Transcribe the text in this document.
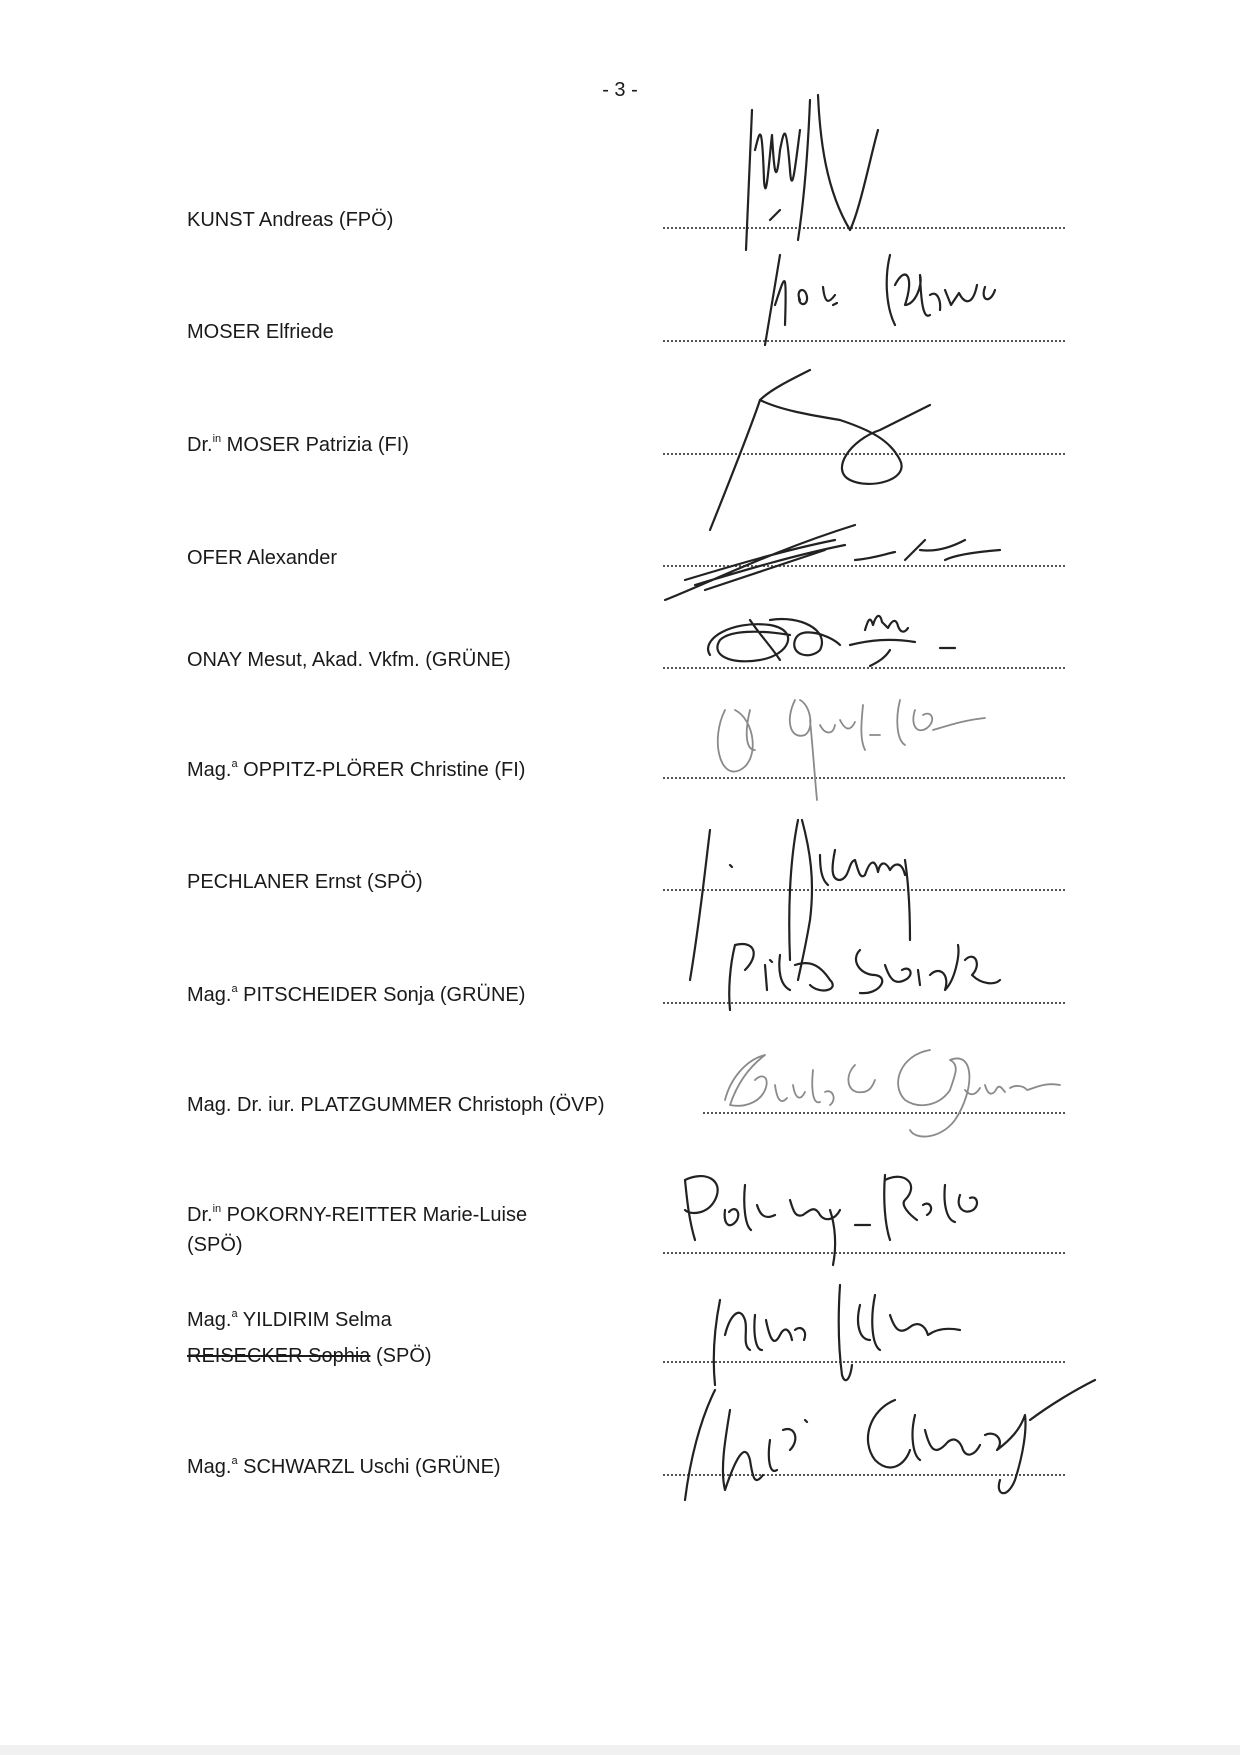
- 3 -
KUNST Andreas (FPÖ)
MOSER Elfriede
Dr.$^{in}$ MOSER Patrizia (FI)
OFER Alexander
ONAY Mesut, Akad. Vkfm. (GRÜNE)
Mag.$^a$ OPPITZ-PLÖRER Christine (FI)
PECHLANER Ernst (SPÖ)
Mag.$^a$ PITSCHEIDER Sonja (GRÜNE)
Mag. Dr. iur. PLATZGUMMER Christoph (ÖVP)
Dr.$^{in}$ POKORNY-REITTER Marie-Luise
(SPÖ)
Mag.$^a$ YILDIRIM Selma
REISECKER Sophia (SPÖ)
Mag.$^a$ SCHWARZL Uschi (GRÜNE)
